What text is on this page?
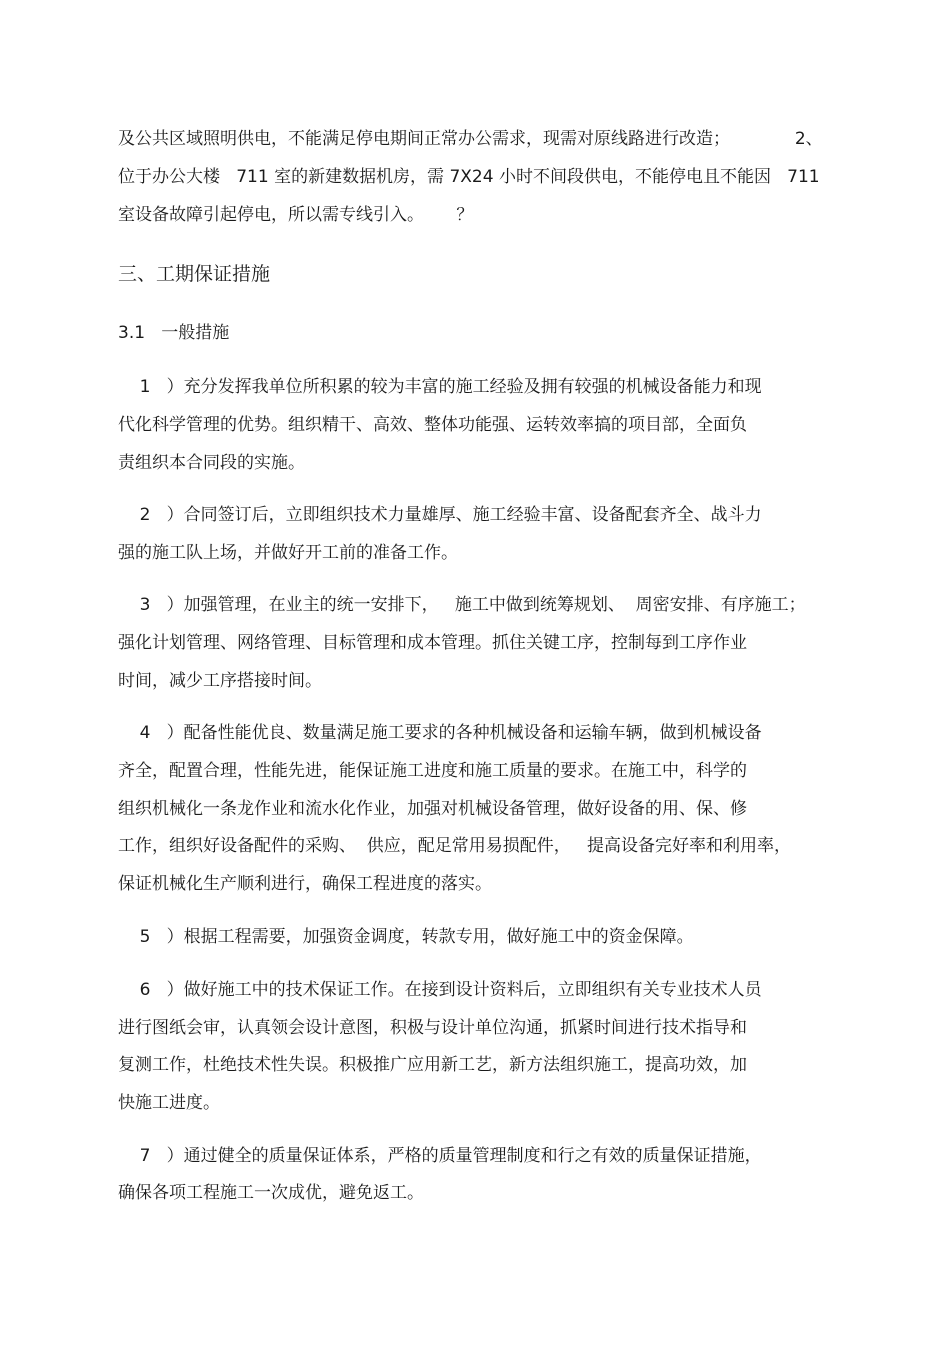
及公共区域照明供电，不能满足停电期间正常办公需求，现需对原线路进行改造；            2、
位于办公大楼   711 室的新建数据机房，需 7X24 小时不间段供电，不能停电且不能因   711
室设备故障引起停电，所以需专线引入。      ？
三、工期保证措施
3.1   一般措施
1   ）充分发挥我单位所积累的较为丰富的施工经验及拥有较强的机械设备能力和现
代化科学管理的优势。组织精干、高效、整体功能强、运转效率搞的项目部，全面负
责组织本合同段的实施。
2   ）合同签订后，立即组织技术力量雄厚、施工经验丰富、设备配套齐全、战斗力
强的施工队上场，并做好开工前的准备工作。
3   ）加强管理，在业主的统一安排下，   施工中做到统筹规划、  周密安排、有序施工；
强化计划管理、网络管理、目标管理和成本管理。抓住关键工序，控制每到工序作业
时间，减少工序搭接时间。
4   ）配备性能优良、数量满足施工要求的各种机械设备和运输车辆，做到机械设备
齐全，配置合理，性能先进，能保证施工进度和施工质量的要求。在施工中，科学的
组织机械化一条龙作业和流水化作业，加强对机械设备管理，做好设备的用、保、修
工作，组织好设备配件的采购、  供应，配足常用易损配件，   提高设备完好率和利用率，
保证机械化生产顺利进行，确保工程进度的落实。
5   ）根据工程需要，加强资金调度，转款专用，做好施工中的资金保障。
6   ）做好施工中的技术保证工作。在接到设计资料后，立即组织有关专业技术人员
进行图纸会审，认真领会设计意图，积极与设计单位沟通，抓紧时间进行技术指导和
复测工作，杜绝技术性失误。积极推广应用新工艺，新方法组织施工，提高功效，加
快施工进度。
7   ）通过健全的质量保证体系，严格的质量管理制度和行之有效的质量保证措施，
确保各项工程施工一次成优，避免返工。
